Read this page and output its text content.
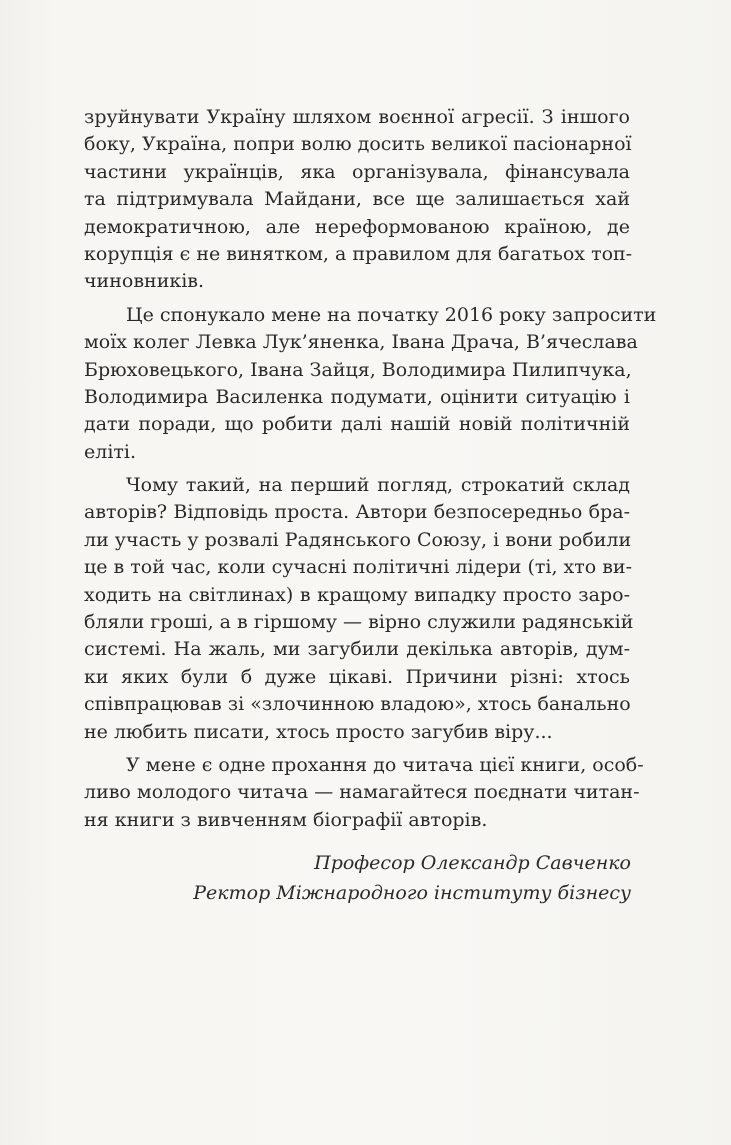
зруйнувати Україну шляхом воєнної агресії. З іншого
боку, Україна, попри волю досить великої пасіонарної
частини українців, яка організувала, фінансувала
та підтримувала Майдани, все ще залишається хай
демократичною, але нереформованою країною, де
корупція є не винятком, а правилом для багатьох топ-
чиновників.
Це спонукало мене на початку 2016 року запросити
моїх колег Левка Лук’яненка, Івана Драча, В’ячеслава
Брюховецького, Івана Зайця, Володимира Пилипчука,
Володимира Василенка подумати, оцінити ситуацію і
дати поради, що робити далі нашій новій політичній
еліті.
Чому такий, на перший погляд, строкатий склад
авторів? Відповідь проста. Автори безпосередньо бра-
ли участь у розвалі Радянського Союзу, і вони робили
це в той час, коли сучасні політичні лідери (ті, хто ви-
ходить на світлинах) в кращому випадку просто заро-
бляли гроші, а в гіршому — вірно служили радянській
системі. На жаль, ми загубили декілька авторів, дум-
ки яких були б дуже цікаві. Причини різні: хтось
співпрацював зі «злочинною владою», хтось банально
не любить писати, хтось просто загубив віру...
У мене є одне прохання до читача цієї книги, особ-
ливо молодого читача — намагайтеся поєднати читан-
ня книги з вивченням біографії авторів.
Професор Олександр Савченко
Ректор Міжнародного інституту бізнесу
